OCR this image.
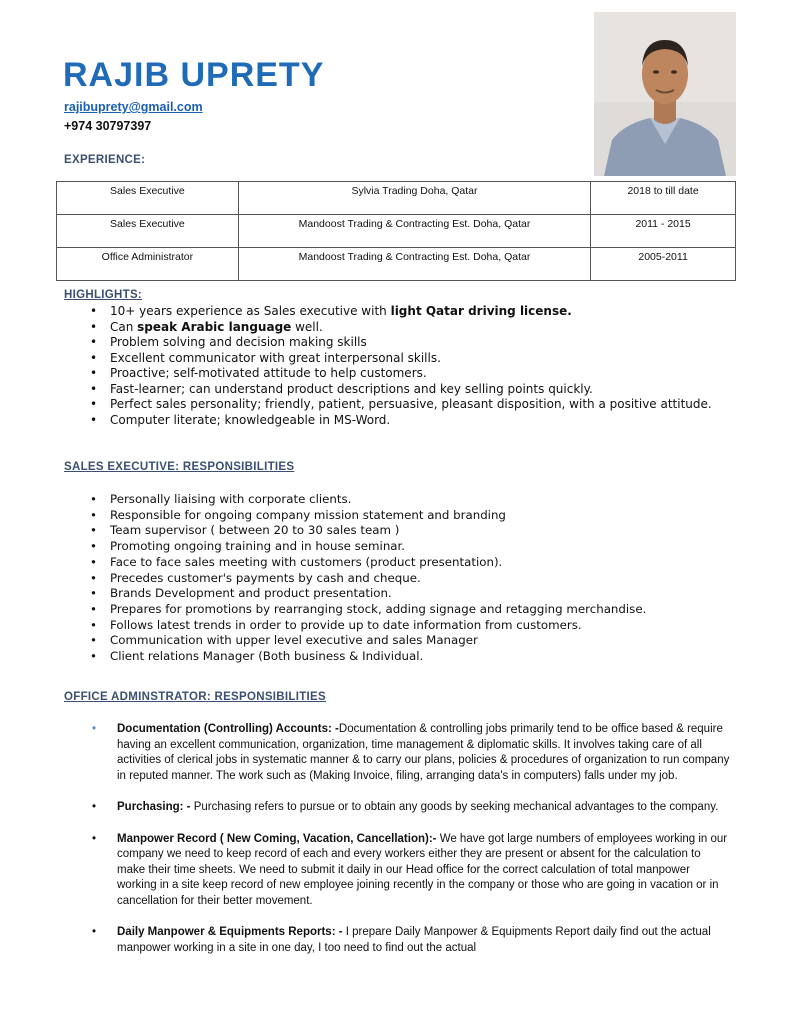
RAJIB UPRETY
rajibuprety@gmail.com
+974 30797397
EXPERIENCE:
Sales Executive	Sylvia Trading Doha, Qatar	2018 to till date
Sales Executive	Mandoost Trading & Contracting Est. Doha, Qatar	2011 - 2015
Office Administrator	Mandoost Trading & Contracting Est. Doha, Qatar	2005-2011
HIGHLIGHTS:
• 10+ years experience as Sales executive with light Qatar driving license.
• Can speak Arabic language well.
• Problem solving and decision making skills
• Excellent communicator with great interpersonal skills.
• Proactive; self-motivated attitude to help customers.
• Fast-learner; can understand product descriptions and key selling points quickly.
• Perfect sales personality; friendly, patient, persuasive, pleasant disposition, with a positive attitude.
• Computer literate; knowledgeable in MS-Word.
SALES EXECUTIVE: RESPONSIBILITIES
• Personally liaising with corporate clients.
• Responsible for ongoing company mission statement and branding
• Team supervisor ( between 20 to 30 sales team )
• Promoting ongoing training and in house seminar.
• Face to face sales meeting with customers (product presentation).
• Precedes customer's payments by cash and cheque.
• Brands Development and product presentation.
• Prepares for promotions by rearranging stock, adding signage and retagging merchandise.
• Follows latest trends in order to provide up to date information from customers.
• Communication with upper level executive and sales Manager
• Client relations Manager (Both business & Individual.
OFFICE ADMINSTRATOR: RESPONSIBILITIES
• Documentation (Controlling) Accounts: -Documentation & controlling jobs primarily tend to be office based & require having an excellent communication, organization, time management & diplomatic skills. It involves taking care of all activities of clerical jobs in systematic manner & to carry our plans, policies & procedures of organization to run company in reputed manner. The work such as (Making Invoice, filing, arranging data's in computers) falls under my job.
• Purchasing: - Purchasing refers to pursue or to obtain any goods by seeking mechanical advantages to the company.
• Manpower Record ( New Coming, Vacation, Cancellation):- We have got large numbers of employees working in our company we need to keep record of each and every workers either they are present or absent for the calculation to make their time sheets. We need to submit it daily in our Head office for the correct calculation of total manpower working in a site keep record of new employee joining recently in the company or those who are going in vacation or in cancellation for their better movement.
• Daily Manpower & Equipments Reports: - I prepare Daily Manpower & Equipments Report daily find out the actual manpower working in a site in one day, I too need to find out the actual
